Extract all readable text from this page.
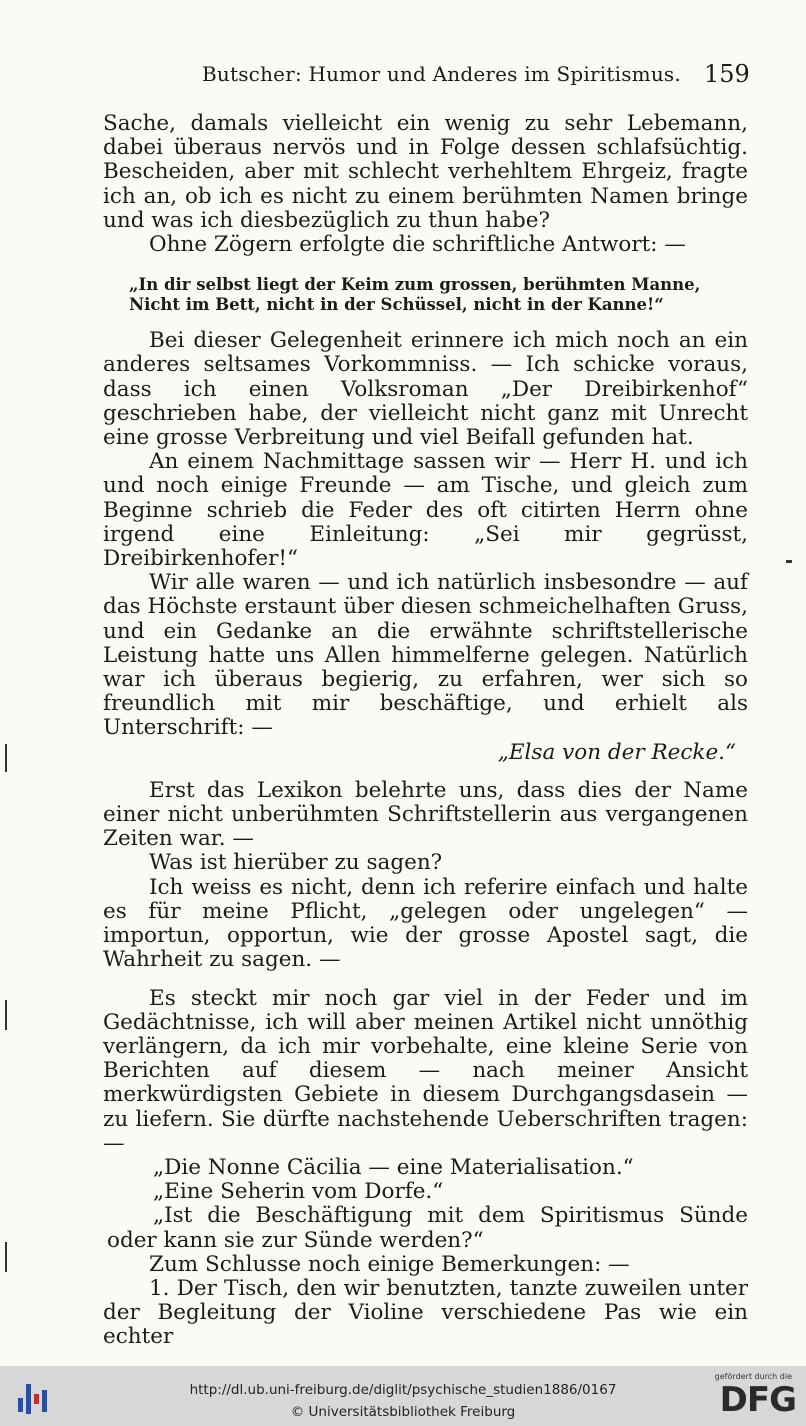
Butscher: Humor und Anderes im Spiritismus. 159

Sache, damals vielleicht ein wenig zu sehr Lebemann, dabei überaus nervös und in Folge dessen schlafsüchtig. Bescheiden, aber mit schlecht verhehltem Ehrgeiz, fragte ich an, ob ich es nicht zu einem berühmten Namen bringe und was ich diesbezüglich zu thun habe?

Ohne Zögern erfolgte die schriftliche Antwort: —

„In dir selbst liegt der Keim zum grossen, berühmten Manne, Nicht im Bett, nicht in der Schüssel, nicht in der Kanne!“

Bei dieser Gelegenheit erinnere ich mich noch an ein anderes seltsames Vorkommniss. — Ich schicke voraus, dass ich einen Volksroman „Der Dreibirkenhof“ geschrieben habe, der vielleicht nicht ganz mit Unrecht eine grosse Verbreitung und viel Beifall gefunden hat.

An einem Nachmittage sassen wir — Herr H. und ich und noch einige Freunde — am Tische, und gleich zum Beginne schrieb die Feder des oft citirten Herrn ohne irgend eine Einleitung: „Sei mir gegrüsst, Dreibirkenhofer!“

Wir alle waren — und ich natürlich insbesondre — auf das Höchste erstaunt über diesen schmeichelhaften Gruss, und ein Gedanke an die erwähnte schriftstellerische Leistung hatte uns Allen himmelferne gelegen. Natürlich war ich überaus begierig, zu erfahren, wer sich so freundlich mit mir beschäftige, und erhielt als Unterschrift: —

„Elsa von der Recke.“

Erst das Lexikon belehrte uns, dass dies der Name einer nicht unberühmten Schriftstellerin aus vergangenen Zeiten war. —

Was ist hierüber zu sagen?

Ich weiss es nicht, denn ich referire einfach und halte es für meine Pflicht, „gelegen oder ungelegen“ — importun, opportun, wie der grosse Apostel sagt, die Wahrheit zu sagen. —

Es steckt mir noch gar viel in der Feder und im Gedächtnisse, ich will aber meinen Artikel nicht unnöthig verlängern, da ich mir vorbehalte, eine kleine Serie von Berichten auf diesem — nach meiner Ansicht merkwürdigsten Gebiete in diesem Durchgangsdasein — zu liefern. Sie dürfte nachstehende Ueberschriften tragen: —

„Die Nonne Cäcilia — eine Materialisation.“

„Eine Seherin vom Dorfe.“

„Ist die Beschäftigung mit dem Spiritismus Sünde oder kann sie zur Sünde werden?“

Zum Schlusse noch einige Bemerkungen: —

1. Der Tisch, den wir benutzten, tanzte zuweilen unter der Begleitung der Violine verschiedene Pas wie ein echter

http://dl.ub.uni-freiburg.de/diglit/psychische_studien1886/0167
© Universitätsbibliothek Freiburg
gefördert durch die
DFG
